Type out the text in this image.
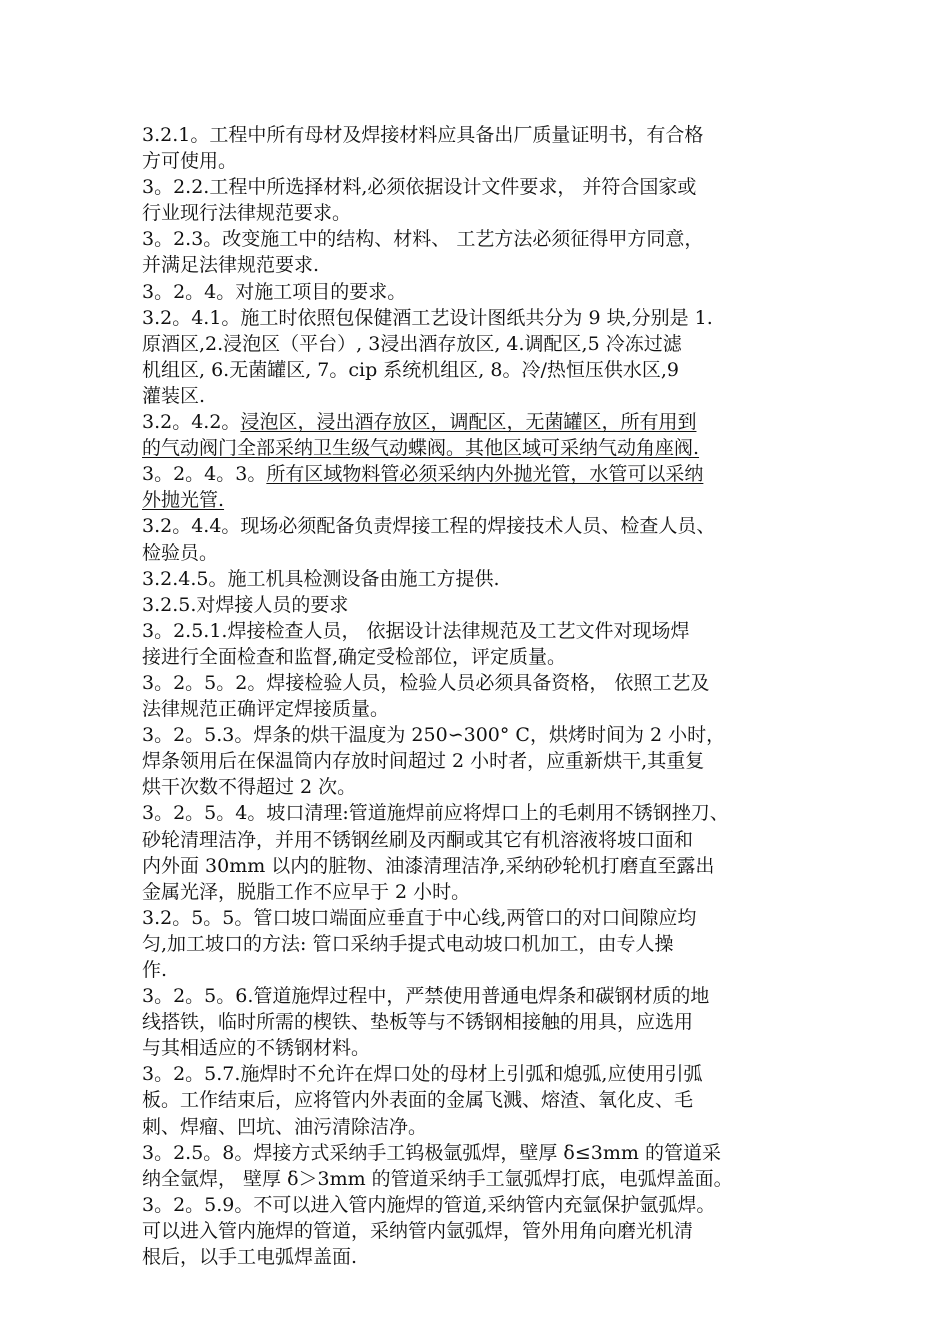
3.2.1。工程中所有母材及焊接材料应具备出厂质量证明书，有合格
方可使用。
3。2.2.工程中所选择材料,必须依据设计文件要求， 并符合国家或
行业现行法律规范要求。
3。2.3。改变施工中的结构、材料、 工艺方法必须征得甲方同意，
并满足法律规范要求.
3。2。4。对施工项目的要求。
3.2。4.1。施工时依照包保健酒工艺设计图纸共分为 9 块,分别是 1.
原酒区,2.浸泡区（平台）, 3浸出酒存放区, 4.调配区,5 冷冻过滤
机组区, 6.无菌罐区, 7。cip 系统机组区, 8。冷/热恒压供水区,9
灌装区.
3.2。4.2。浸泡区，浸出酒存放区，调配区，无菌罐区，所有用到
的气动阀门全部采纳卫生级气动蝶阀。其他区域可采纳气动角座阀.
3。2。4。3。所有区域物料管必须采纳内外抛光管，水管可以采纳
外抛光管.
3.2。4.4。现场必须配备负责焊接工程的焊接技术人员、检查人员、
检验员。
3.2.4.5。施工机具检测设备由施工方提供.
3.2.5.对焊接人员的要求
3。2.5.1.焊接检查人员， 依据设计法律规范及工艺文件对现场焊
接进行全面检查和监督,确定受检部位，评定质量。
3。2。5。2。焊接检验人员，检验人员必须具备资格， 依照工艺及
法律规范正确评定焊接质量。
3。2。5.3。焊条的烘干温度为 250∽300° C，烘烤时间为 2 小时，
焊条领用后在保温筒内存放时间超过 2 小时者，应重新烘干,其重复
烘干次数不得超过 2 次。
3。2。5。4。坡口清理:管道施焊前应将焊口上的毛刺用不锈钢挫刀、
砂轮清理洁净，并用不锈钢丝刷及丙酮或其它有机溶液将坡口面和
内外面 30mm 以内的脏物、油漆清理洁净,采纳砂轮机打磨直至露出
金属光泽，脱脂工作不应早于 2 小时。
3.2。5。5。管口坡口端面应垂直于中心线,两管口的对口间隙应均
匀,加工坡口的方法: 管口采纳手提式电动坡口机加工，由专人操
作.
3。2。5。6.管道施焊过程中，严禁使用普通电焊条和碳钢材质的地
线搭铁，临时所需的楔铁、垫板等与不锈钢相接触的用具，应选用
与其相适应的不锈钢材料。
3。2。5.7.施焊时不允许在焊口处的母材上引弧和熄弧,应使用引弧
板。工作结束后，应将管内外表面的金属飞溅、熔渣、氧化皮、毛
刺、焊瘤、凹坑、油污清除洁净。
3。2.5。8。焊接方式采纳手工钨极氩弧焊，壁厚 δ≤3mm 的管道采
纳全氩焊， 壁厚 δ＞3mm 的管道采纳手工氩弧焊打底，电弧焊盖面。
3。2。5.9。不可以进入管内施焊的管道,采纳管内充氩保护氩弧焊。
可以进入管内施焊的管道，采纳管内氩弧焊，管外用角向磨光机清
根后，以手工电弧焊盖面.
